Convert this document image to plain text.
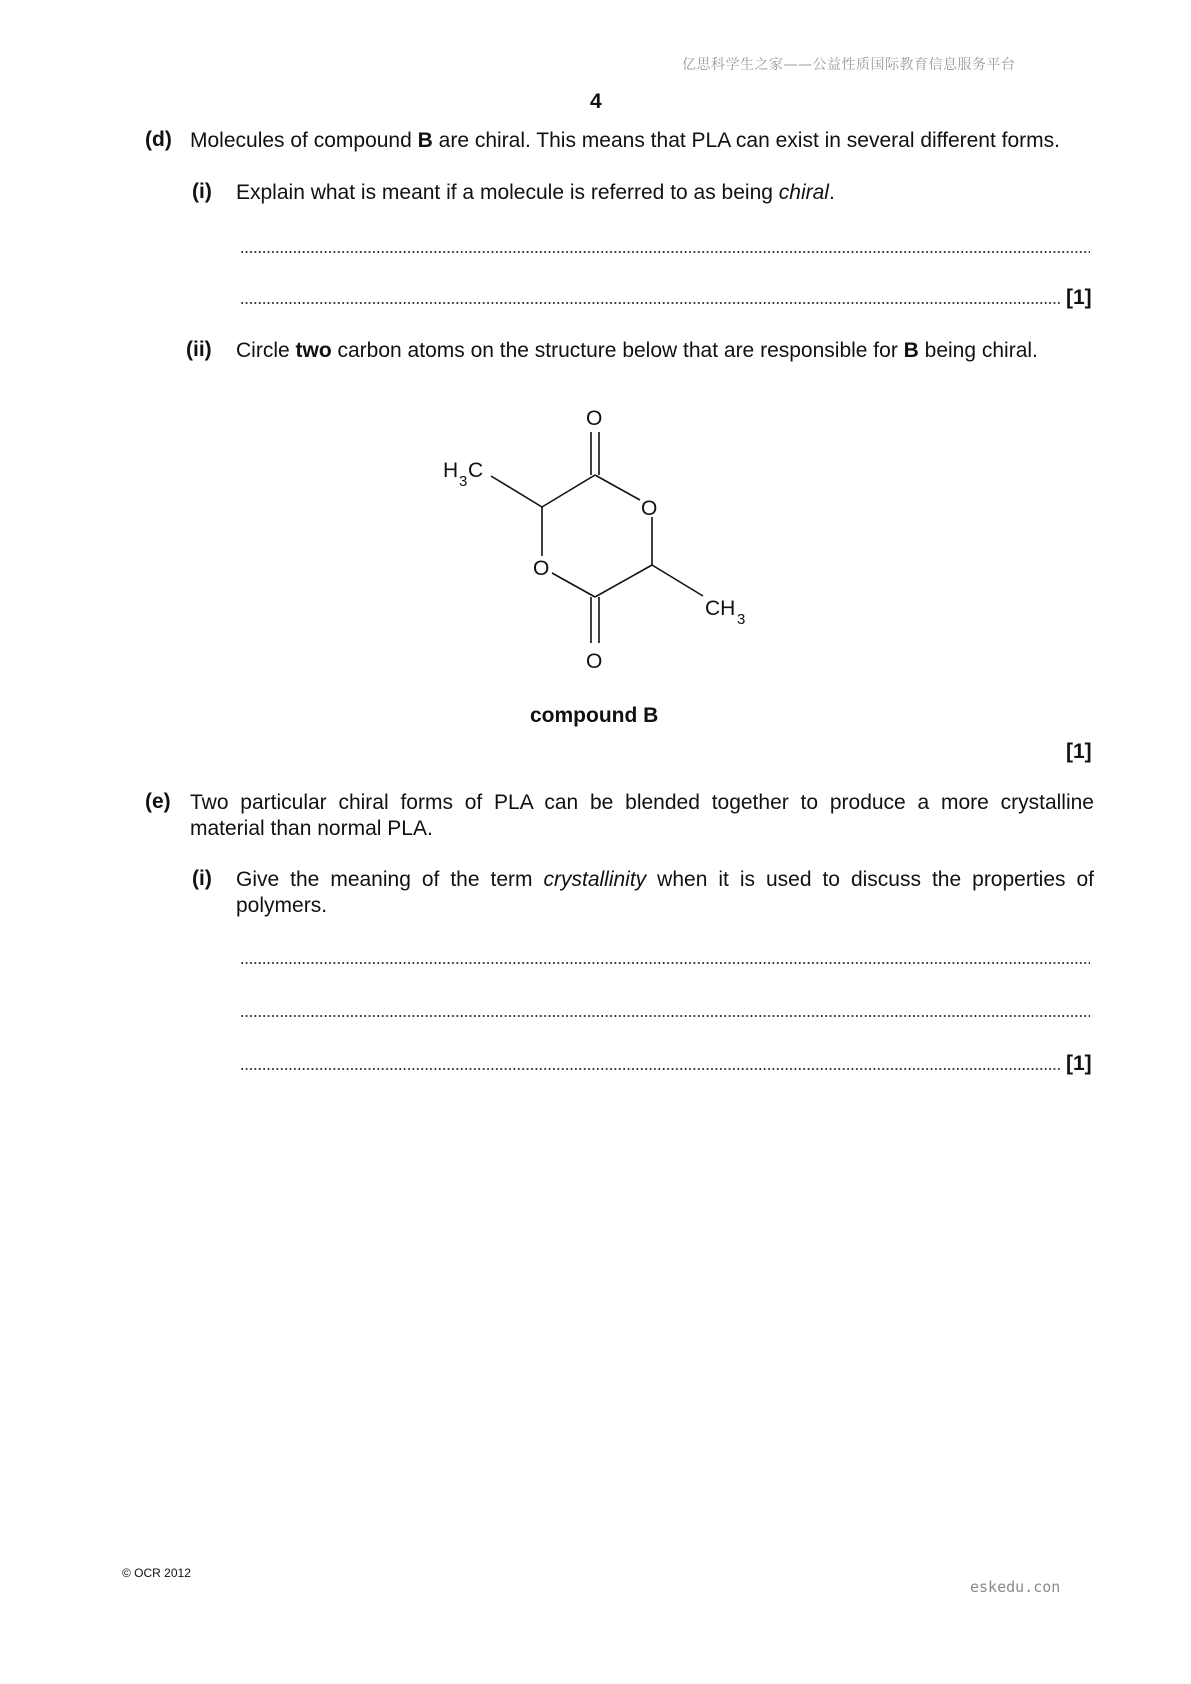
亿思科学生之家——公益性质国际教育信息服务平台
4
(d) Molecules of compound B are chiral. This means that PLA can exist in several different forms.
(i) Explain what is meant if a molecule is referred to as being chiral.
[1]
(ii) Circle two carbon atoms on the structure below that are responsible for B being chiral.
O
O
O
O
H 3 C
CH 3
compound B
[1]
(e) Two particular chiral forms of PLA can be blended together to produce a more crystalline
material than normal PLA.
(i) Give the meaning of the term crystallinity when it is used to discuss the properties of
polymers.
[1]
© OCR 2012
eskedu.con
